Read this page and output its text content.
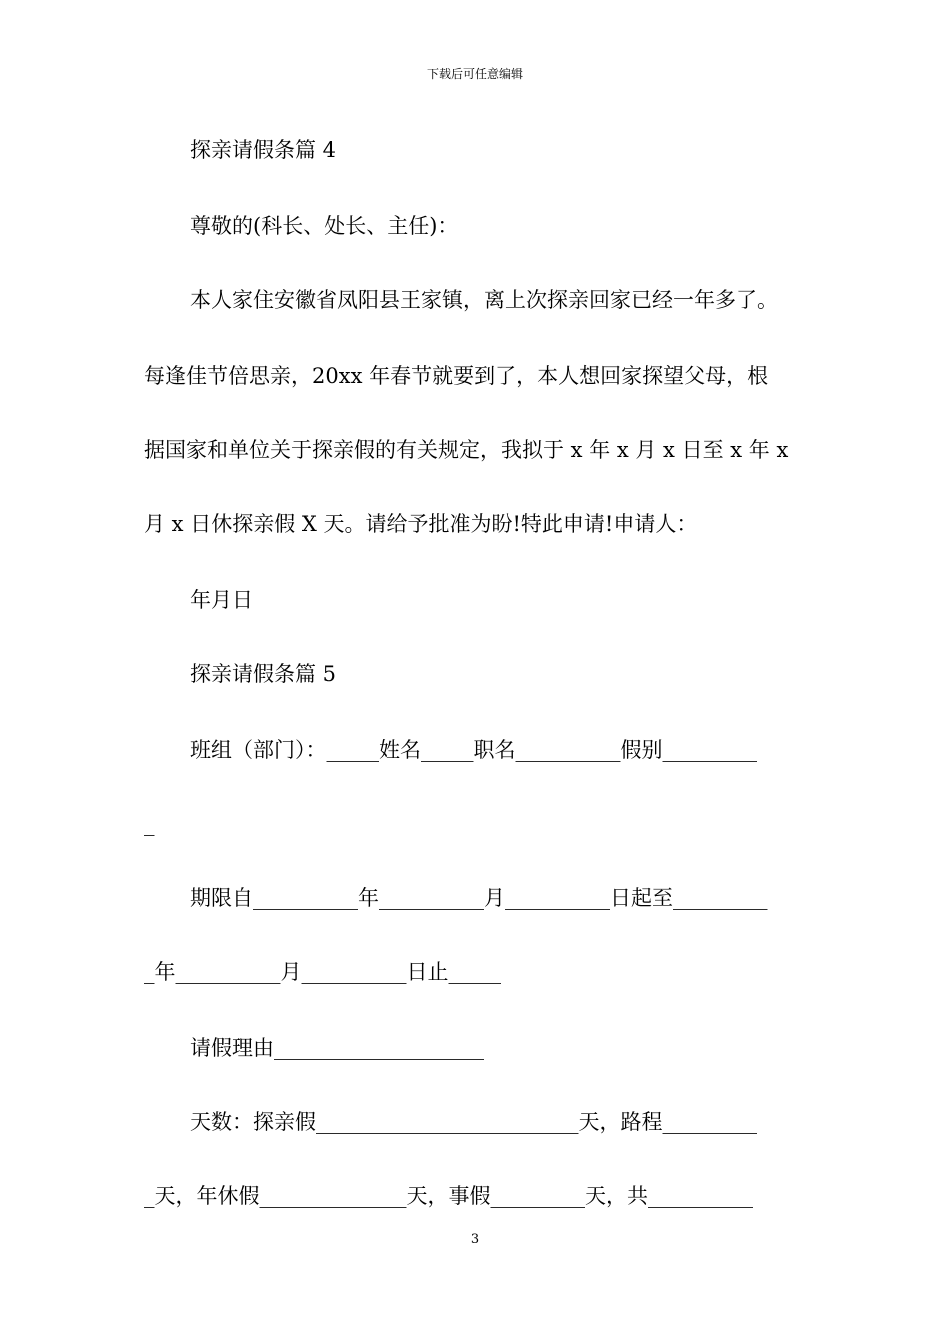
下载后可任意编辑
探亲请假条篇 4
尊敬的(科长、处长、主任)：
本人家住安徽省凤阳县王家镇，离上次探亲回家已经一年多了。
每逢佳节倍思亲，20xx 年春节就要到了，本人想回家探望父母，根
据国家和单位关于探亲假的有关规定，我拟于 x 年 x 月 x 日至 x 年 x
月 x 日休探亲假 X 天。请给予批准为盼!特此申请!申请人：
年月日
探亲请假条篇 5
班组（部门）：_____姓名_____职名__________假别_________
_
期限自__________年__________月__________日起至_________
_年__________月__________日止_____
请假理由____________________
天数：探亲假_________________________天，路程_________
_天，年休假______________天，事假_________天，共__________
3
